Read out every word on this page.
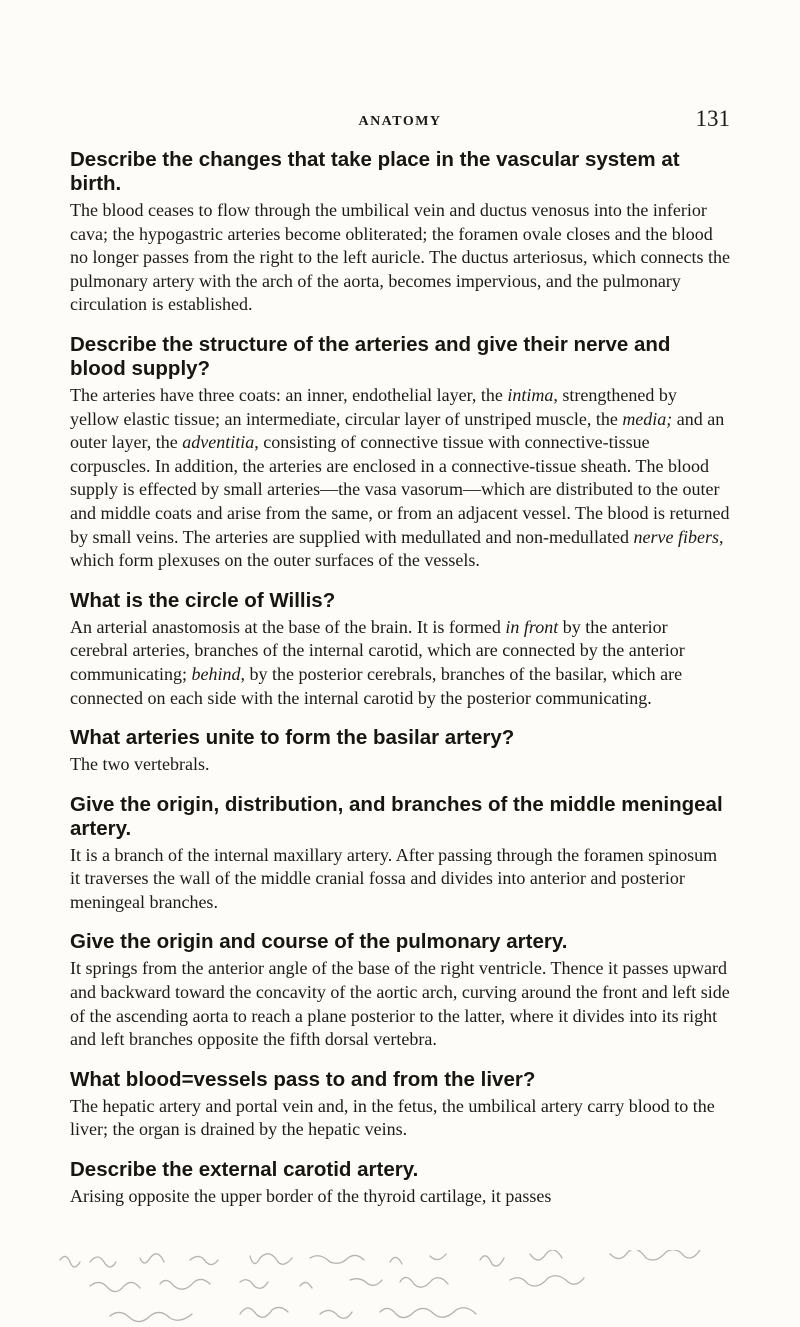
ANATOMY	131

Describe the changes that take place in the vascular system at birth.

The blood ceases to flow through the umbilical vein and ductus venosus into the inferior cava; the hypogastric arteries become obliterated; the foramen ovale closes and the blood no longer passes from the right to the left auricle. The ductus arteriosus, which connects the pulmonary artery with the arch of the aorta, becomes impervious, and the pulmonary circulation is established.

Describe the structure of the arteries and give their nerve and blood supply?

The arteries have three coats: an inner, endothelial layer, the intima, strengthened by yellow elastic tissue; an intermediate, circular layer of unstriped muscle, the media; and an outer layer, the adventitia, consisting of connective tissue with connective-tissue corpuscles. In addition, the arteries are enclosed in a connective-tissue sheath. The blood supply is effected by small arteries—the vasa vasorum—which are distributed to the outer and middle coats and arise from the same, or from an adjacent vessel. The blood is returned by small veins. The arteries are supplied with medullated and non-medullated nerve fibers, which form plexuses on the outer surfaces of the vessels.

What is the circle of Willis?

An arterial anastomosis at the base of the brain. It is formed in front by the anterior cerebral arteries, branches of the internal carotid, which are connected by the anterior communicating; behind, by the posterior cerebrals, branches of the basilar, which are connected on each side with the internal carotid by the posterior communicating.

What arteries unite to form the basilar artery?

The two vertebrals.

Give the origin, distribution, and branches of the middle meningeal artery.

It is a branch of the internal maxillary artery. After passing through the foramen spinosum it traverses the wall of the middle cranial fossa and divides into anterior and posterior meningeal branches.

Give the origin and course of the pulmonary artery.

It springs from the anterior angle of the base of the right ventricle. Thence it passes upward and backward toward the concavity of the aortic arch, curving around the front and left side of the ascending aorta to reach a plane posterior to the latter, where it divides into its right and left branches opposite the fifth dorsal vertebra.

What blood=vessels pass to and from the liver?

The hepatic artery and portal vein and, in the fetus, the umbilical artery carry blood to the liver; the organ is drained by the hepatic veins.

Describe the external carotid artery.

Arising opposite the upper border of the thyroid cartilage, it passes
